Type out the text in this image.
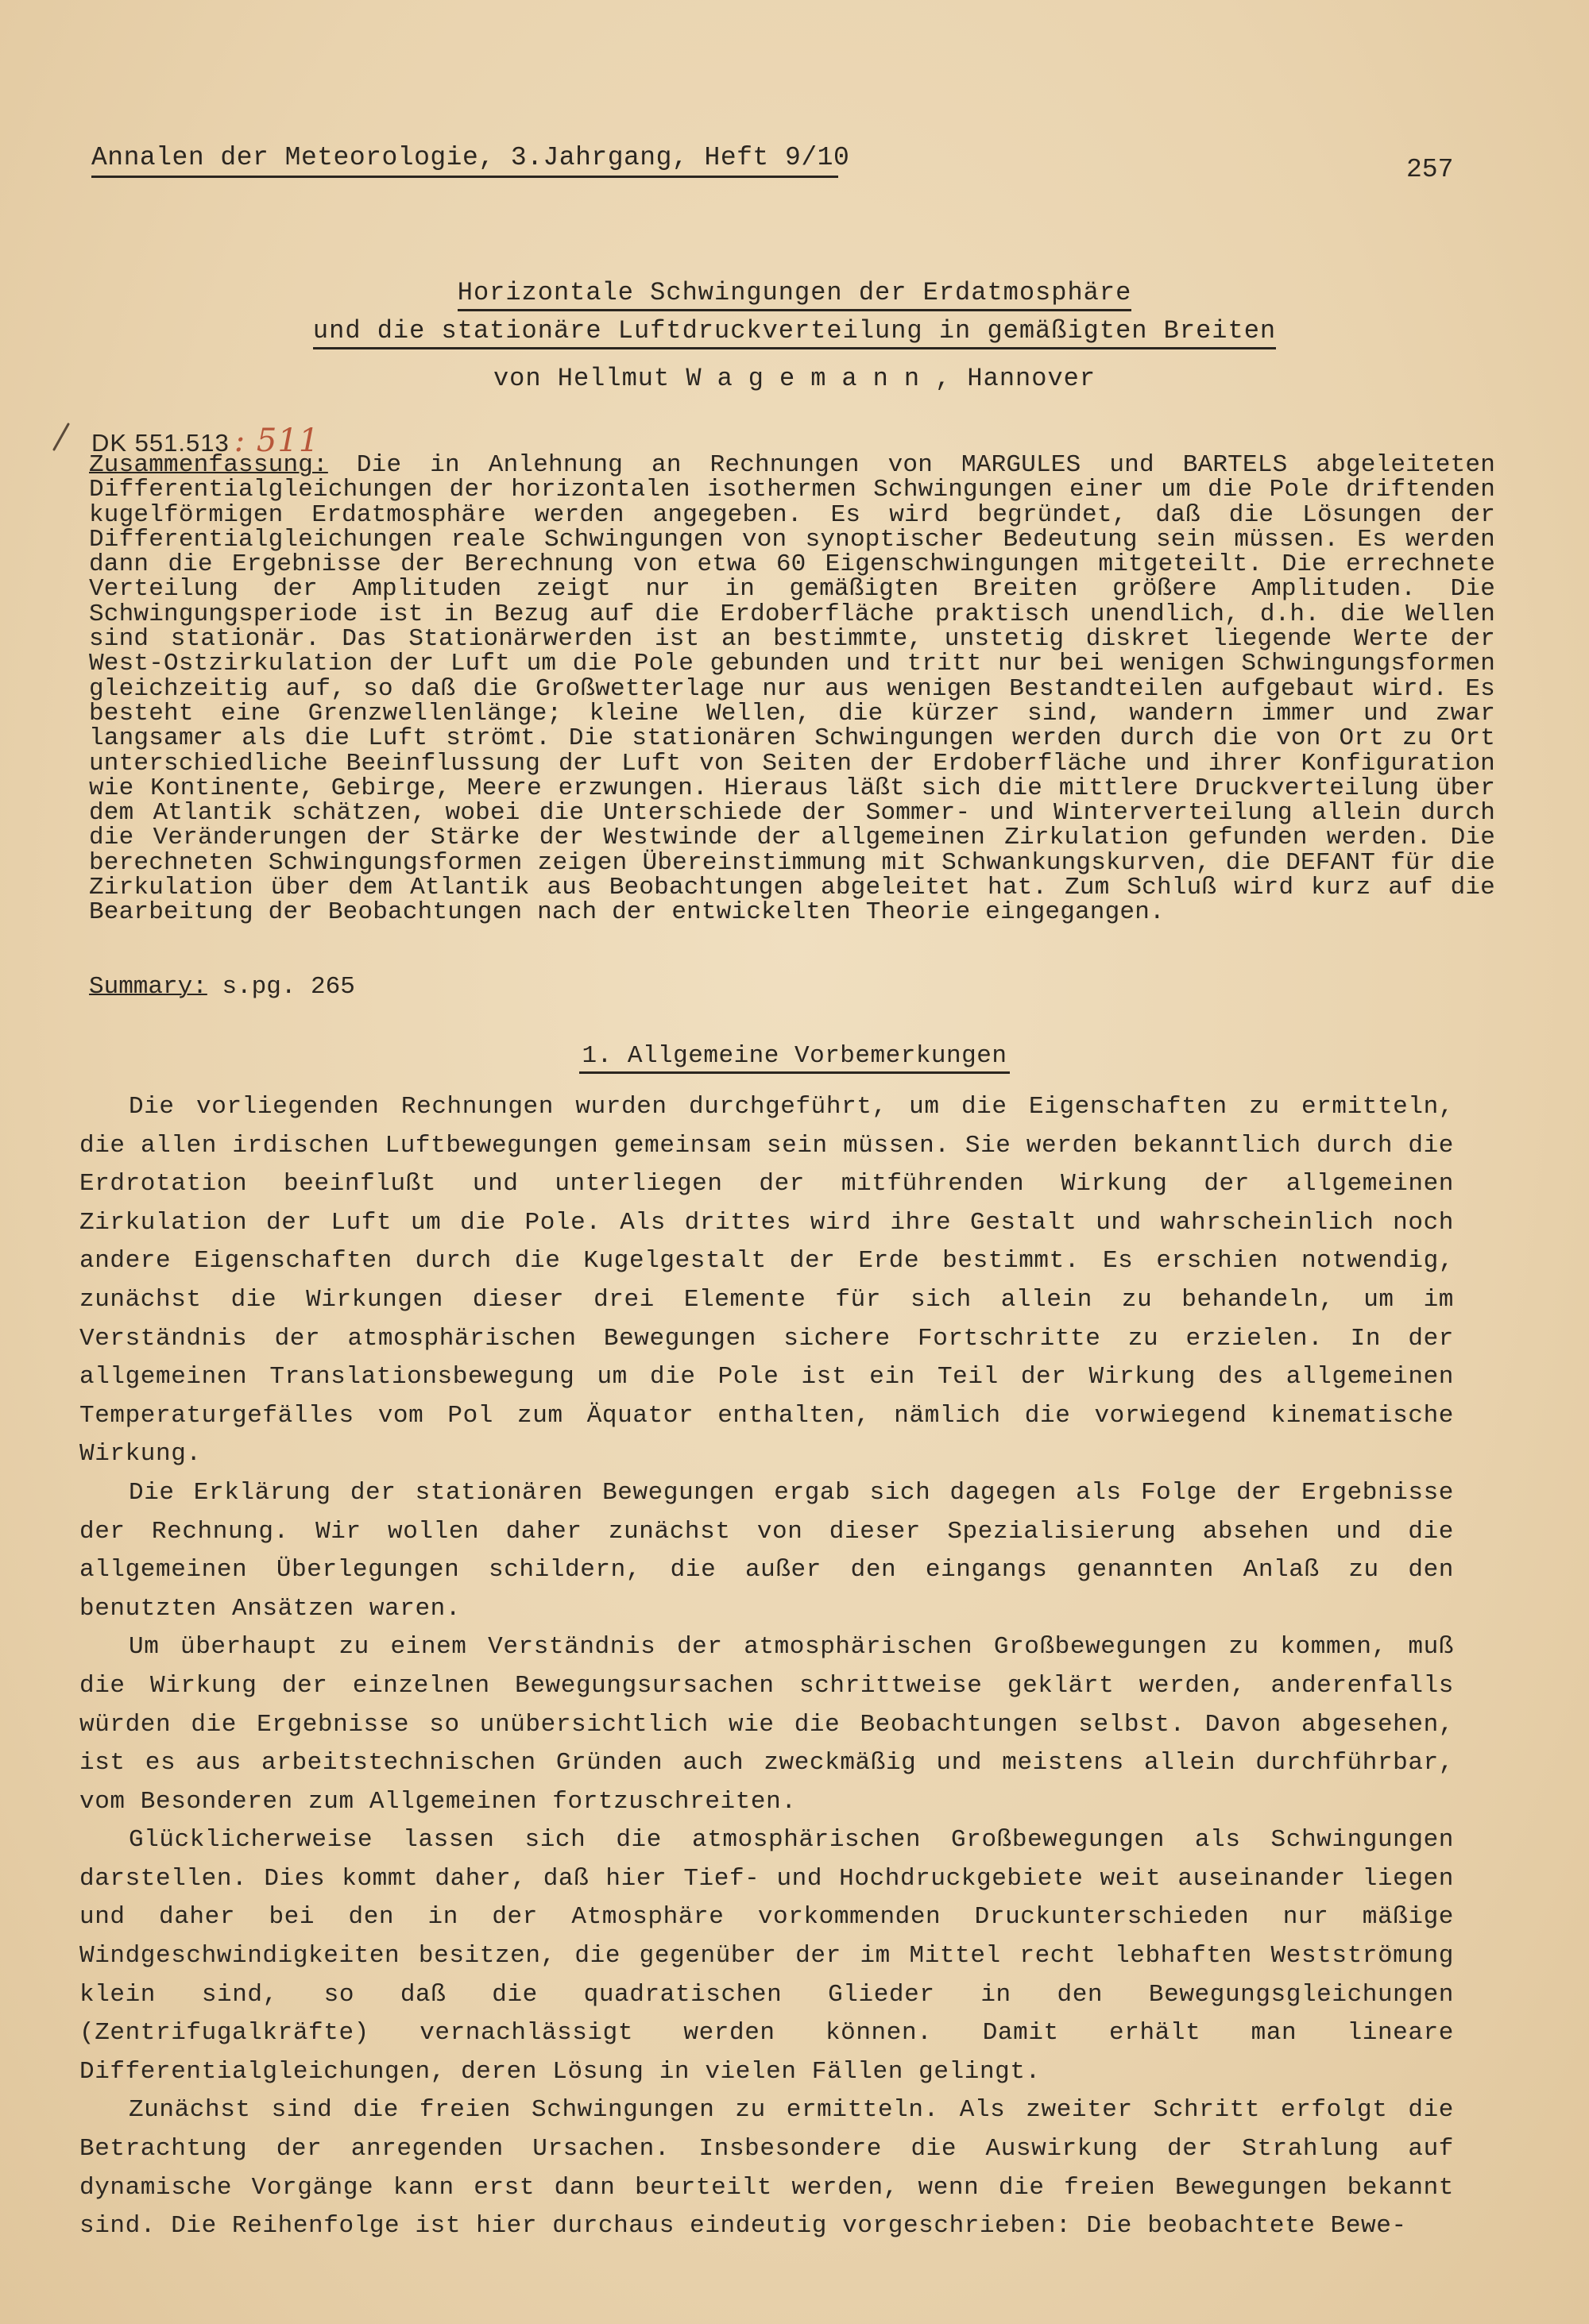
Annalen der Meteorologie, 3.Jahrgang, Heft 9/10	257
Horizontale Schwingungen der Erdatmosphäre
und die stationäre Luftdruckverteilung in gemäßigten Breiten
von Hellmut Wagemann, Hannover
DK 551.513 : 511
Zusammenfassung: Die in Anlehnung an Rechnungen von MARGULES und BARTELS abgeleiteten Differentialgleichungen der horizontalen isothermen Schwingungen einer um die Pole driftenden kugelförmigen Erdatmosphäre werden angegeben. Es wird begründet, daß die Lösungen der Differentialgleichungen reale Schwingungen von synoptischer Bedeutung sein müssen. Es werden dann die Ergebnisse der Berechnung von etwa 60 Eigenschwingungen mitgeteilt. Die errechnete Verteilung der Amplituden zeigt nur in gemäßigten Breiten größere Amplituden. Die Schwingungsperiode ist in Bezug auf die Erdoberfläche praktisch unendlich, d.h. die Wellen sind stationär. Das Stationärwerden ist an bestimmte, unstetig diskret liegende Werte der West-Ostzirkulation der Luft um die Pole gebunden und tritt nur bei wenigen Schwingungsformen gleichzeitig auf, so daß die Großwetterlage nur aus wenigen Bestandteilen aufgebaut wird. Es besteht eine Grenzwellenlänge; kleine Wellen, die kürzer sind, wandern immer und zwar langsamer als die Luft strömt. Die stationären Schwingungen werden durch die von Ort zu Ort unterschiedliche Beeinflussung der Luft von Seiten der Erdoberfläche und ihrer Konfiguration wie Kontinente, Gebirge, Meere erzwungen. Hieraus läßt sich die mittlere Druckverteilung über dem Atlantik schätzen, wobei die Unterschiede der Sommer- und Winterverteilung allein durch die Veränderungen der Stärke der Westwinde der allgemeinen Zirkulation gefunden werden. Die berechneten Schwingungsformen zeigen Übereinstimmung mit Schwankungskurven, die DEFANT für die Zirkulation über dem Atlantik aus Beobachtungen abgeleitet hat. Zum Schluß wird kurz auf die Bearbeitung der Beobachtungen nach der entwickelten Theorie eingegangen.
Summary: s.pg. 265
1. Allgemeine Vorbemerkungen

Die vorliegenden Rechnungen wurden durchgeführt, um die Eigenschaften zu ermitteln, die allen irdischen Luftbewegungen gemeinsam sein müssen. Sie werden bekanntlich durch die Erdrotation beeinflußt und unterliegen der mitführenden Wirkung der allgemeinen Zirkulation der Luft um die Pole. Als drittes wird ihre Gestalt und wahrscheinlich noch andere Eigenschaften durch die Kugelgestalt der Erde bestimmt. Es erschien notwendig, zunächst die Wirkungen dieser drei Elemente für sich allein zu behandeln, um im Verständnis der atmosphärischen Bewegungen sichere Fortschritte zu erzielen. In der allgemeinen Translationsbewegung um die Pole ist ein Teil der Wirkung des allgemeinen Temperaturgefälles vom Pol zum Äquator enthalten, nämlich die vorwiegend kinematische Wirkung.

Die Erklärung der stationären Bewegungen ergab sich dagegen als Folge der Ergebnisse der Rechnung. Wir wollen daher zunächst von dieser Spezialisierung absehen und die allgemeinen Überlegungen schildern, die außer den eingangs genannten Anlaß zu den benutzten Ansätzen waren.

Um überhaupt zu einem Verständnis der atmosphärischen Großbewegungen zu kommen, muß die Wirkung der einzelnen Bewegungsursachen schrittweise geklärt werden, anderenfalls würden die Ergebnisse so unübersichtlich wie die Beobachtungen selbst. Davon abgesehen, ist es aus arbeitstechnischen Gründen auch zweckmäßig und meistens allein durchführbar, vom Besonderen zum Allgemeinen fortzuschreiten.

Glücklicherweise lassen sich die atmosphärischen Großbewegungen als Schwingungen darstellen. Dies kommt daher, daß hier Tief- und Hochdruckgebiete weit auseinander liegen und daher bei den in der Atmosphäre vorkommenden Druckunterschieden nur mäßige Windgeschwindigkeiten besitzen, die gegenüber der im Mittel recht lebhaften Westströmung klein sind, so daß die quadratischen Glieder in den Bewegungsgleichungen (Zentrifugalkräfte) vernachlässigt werden können. Damit erhält man lineare Differentialgleichungen, deren Lösung in vielen Fällen gelingt.

Zunächst sind die freien Schwingungen zu ermitteln. Als zweiter Schritt erfolgt die Betrachtung der anregenden Ursachen. Insbesondere die Auswirkung der Strahlung auf dynamische Vorgänge kann erst dann beurteilt werden, wenn die freien Bewegungen bekannt sind. Die Reihenfolge ist hier durchaus eindeutig vorgeschrieben: Die beobachtete Bewe-
